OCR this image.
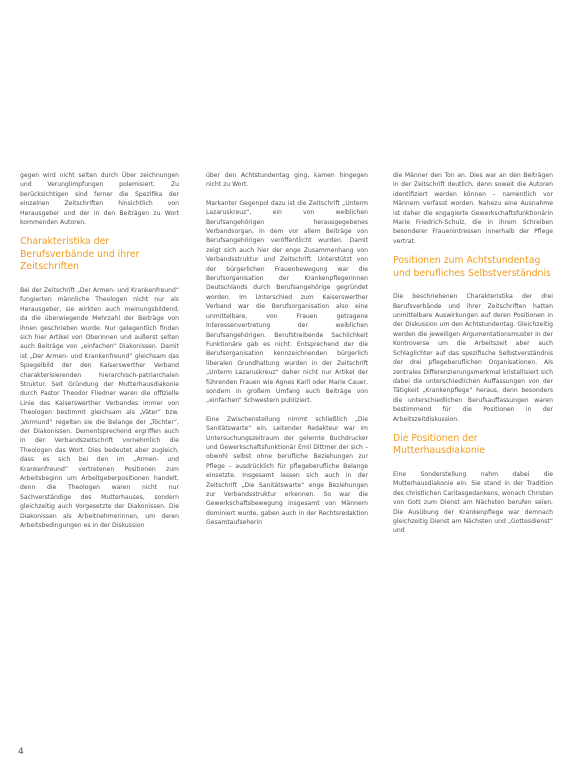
gegen wird nicht selten durch Über zeichnungen und Verunglimpfungen polemisiert. Zu berücksichtigen sind ferner die Spezifika der einzelnen Zeitschriften hinsichtlich von Herausgeber und der in den Beiträgen zu Wort kommenden Autoren.

Charakteristika der Berufsverbände und ihrer Zeitschriften

Bei der Zeitschrift „Der Armen- und Krankenfreund“ fungierten männliche Theologen nicht nur als Herausgeber, sie wirkten auch meinungsbildend, da die überwiegende Mehrzahl der Beiträge von ihnen geschrieben wurde. Nur gelegentlich finden sich hier Artikel von Oberinnen und außerst selten auch Beiträge von „einfachen“ Diakonissen. Damit ist „Der Armen- und Krankenfreund“ gleichsam das Spiegelbild der den Kaiserswerther Verband charakterisierenden hierarchisch-patriarchalen Struktur. Seit Gründung der Mutterhausdiakonie durch Pastor Theodor Fliedner waren die offizielle Linie des Kaiserswerther Verbandes immer von Theologen bestimmt gleichsam als „Väter“ bzw. „Vormund“ regelten sie die Belange der „Töchter“, der Diakonissen. Dementsprechend ergriffen auch in der Verbandszeitschrift vornehmlich die Theologen das Wort. Dies bedeutet aber zugleich, dass es sich bei den im „Armen- und Krankenfreund“ vertretenen Positionen zum Arbeitsbeginn um Arbeitgeberpositionen handelt, denn die Theologen waren nicht nur Sachverständige des Mutterhauses, sondern gleichzeitig auch Vorgesetzte der Diakonissen. Die Diakonissen als Arbeitnehmerinnen, um deren Arbeitsbedingungen es in der Diskussion

über den Achtstundentag ging, kamen hingegen nicht zu Wort.

Markanter Gegenpol dazu ist die Zeitschrift „Unterm Lazaruskreuz“, ein von weiblichen Berufsangehörigen herausgegebenes Verbandsorgan, in dem vor allem Beiträge von Berufsangehörigen veröffentlicht wurden. Damit zeigt sich auch hier der enge Zusammenhang von Verbandsstruktur und Zeitschrift. Unterstützt von der bürgerlichen Frauenbewegung war die Berufsorganisation der Krankenpflegerinnen Deutschlands durch Berufsangehörige gegründet worden. Im Unterschied zum Kaiserswerther Verband war die Berufsorganisation also eine unmittelbare, von Frauen getragene Interessenvertretung der weiblichen Berufsangehörigen. Berufstreibende Sachlichkeit Funktionäre gab es nicht. Entsprechend der die Berufsorganisation kennzeichnenden bürgerlich liberalen Grundhaltung wurden in der Zeitschrift „Unterm Lazaruskreuz“ daher nicht nur Artikel der führenden Frauen wie Agnes Karll oder Marie Cauer, sondern in großem Umfang auch Beiträge von „einfachen“ Schwestern publiziert.

Eine Zwischenstellung nimmt schließlich „Die Sanitätswarte“ ein. Leitender Redakteur war im Untersuchungszeitraum der gelernte Buchdrucker und Gewerkschaftsfunktionär Emil Dittmer der sich – obwohl selbst ohne berufliche Beziehungen zur Pflege – ausdrücklich für pflegeberufliche Belange einsetzte. Insgesamt lassen sich auch in der Zeitschrift „Die Sanitätswarte“ enge Beziehungen zur Verbandsstruktur erkennen. So war die Gewerkschaftsbewegung insgesamt von Männern dominiert wurde, gaben auch in der Rechtsredaktion Gesamtaufseherin

die Männer den Ton an. Dies war an den Beiträgen in der Zeitschrift deutlich, denn soweit die Autoren identifiziert werden können – namentlich vor Männern verfasst worden. Nahezu eine Ausnahme ist daher die engagierte Gewerkschaftsfunktionärin Marie Friedrich-Schulz, die in ihrem Schreiben besonderer Frauenintressen innerhalb der Pflege vertrat.

Positionen zum Achtstundentag und berufliches Selbstverständnis

Die beschriebenen Charakteristika der drei Berufsverbände und ihrer Zeitschriften hatten unmittelbare Auswirkungen auf deren Positionen in der Diskussion um den Achtstundentag. Gleichzeitig werden die jeweiligen Argumentationsmuster in der Kontroverse um die Arbeitszeit aber auch Schlaglichter auf das spezifische Selbstverständnis der drei pflegeberuflichen Organisationen. Als zentrales Differenzierungsmerkmal kristallisiert sich dabei die unterschiedlichen Auffassungen von der Tätigkeit „Krankenpflege“ heraus, denn besonders die unterschiedlichen Berufsauffassungen waren bestimmend für die Positionen in der Arbeitszeitdiskussion.

Die Positionen der Mutterhausdiakonie

Eine Sonderstellung nahm dabei die Mutterhausdiakonie ein. Sie stand in der Tradition des christlichen Caritasgedankens, wonach Christen von Gott zum Dienst am Nächsten berufen seien. Die Ausübung der Krankenpflege war demnach gleichzeitig Dienst am Nächsten und „Gottesdienst“ und

4
